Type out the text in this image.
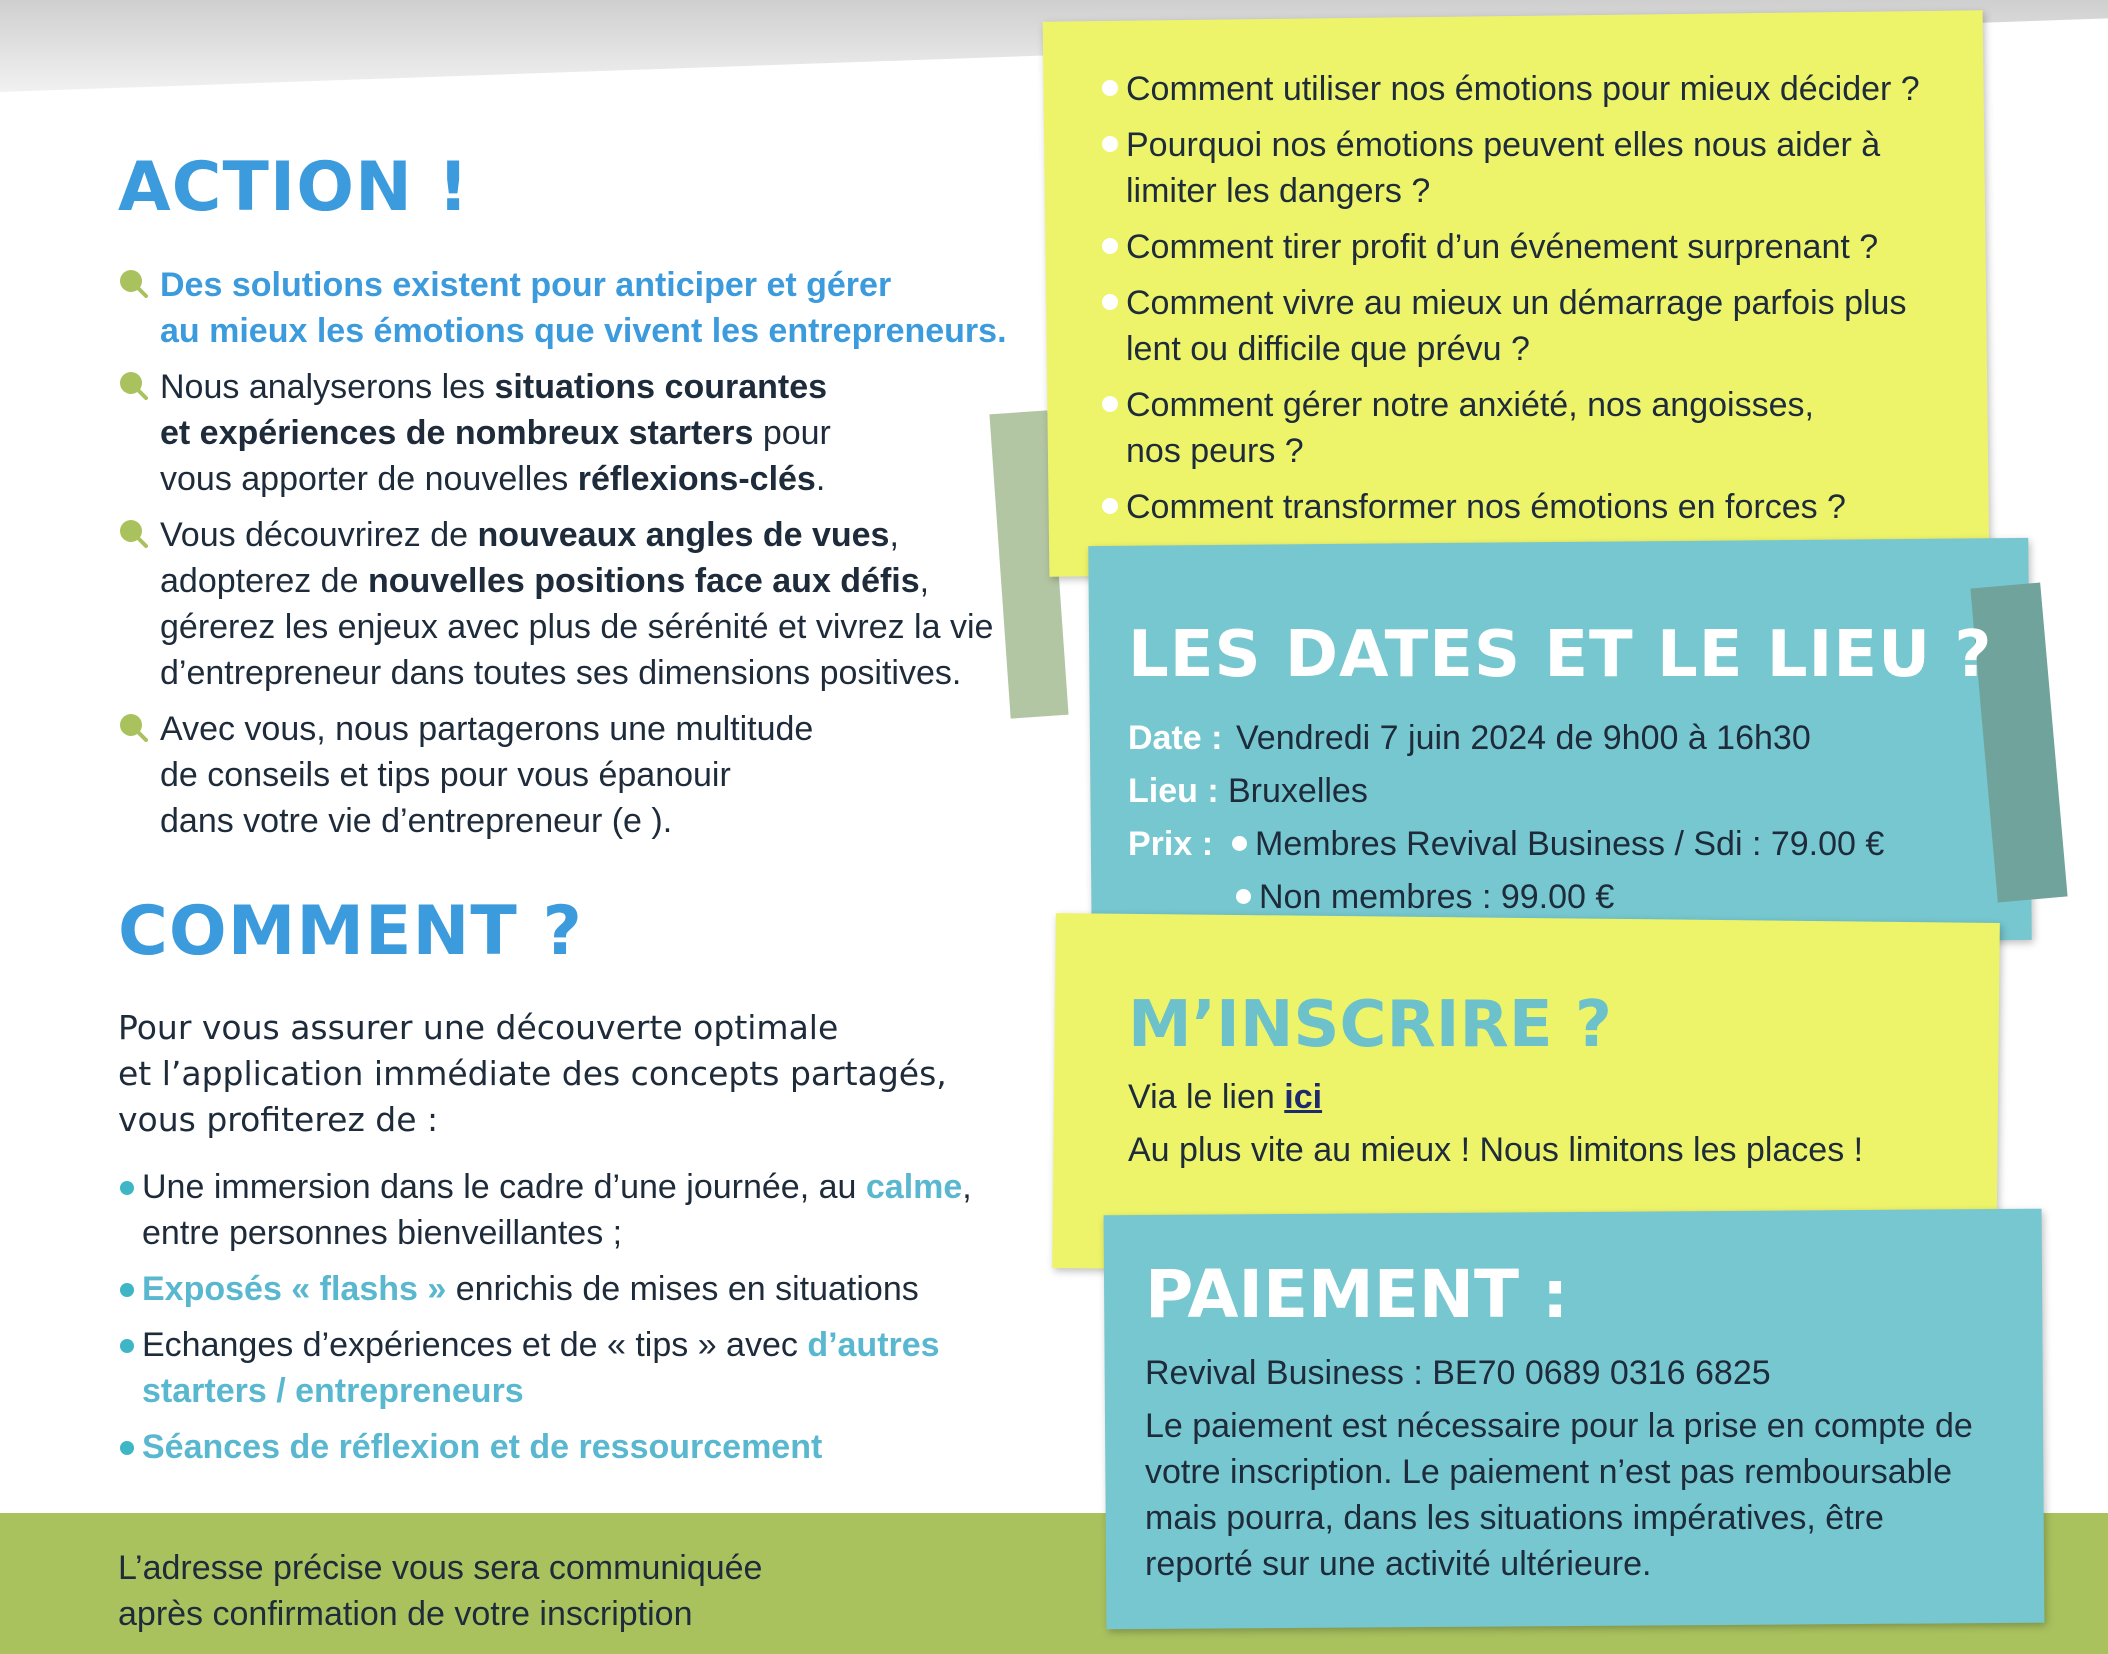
ACTION !
Des solutions existent pour anticiper et gérer
au mieux les émotions que vivent les entrepreneurs.
Nous analyserons les situations courantes
et expériences de nombreux starters pour
vous apporter de nouvelles réflexions-clés.
Vous découvrirez de nouveaux angles de vues,
adopterez de nouvelles positions face aux défis,
gérerez les enjeux avec plus de sérénité et vivrez la vie
d’entrepreneur dans toutes ses dimensions positives.
Avec vous, nous partagerons une multitude
de conseils et tips pour vous épanouir
dans votre vie d’entrepreneur (e ).
COMMENT ?
Pour vous assurer une découverte optimale
et l’application immédiate des concepts partagés,
vous profiterez de :
Une immersion dans le cadre d’une journée, au calme,
entre personnes bienveillantes ;
Exposés « flashs » enrichis de mises en situations
Echanges d’expériences et de « tips » avec d’autres
starters / entrepreneurs
Séances de réflexion et de ressourcement
L’adresse précise vous sera communiquée
après confirmation de votre inscription
Comment utiliser nos émotions pour mieux décider ?
Pourquoi nos émotions peuvent elles nous aider à
limiter les dangers ?
Comment tirer profit d’un événement surprenant ?
Comment vivre au mieux un démarrage parfois plus
lent ou difficile que prévu ?
Comment gérer notre anxiété, nos angoisses,
nos peurs ?
Comment transformer nos émotions en forces ?
LES DATES ET LE LIEU ?
Date : Vendredi 7 juin 2024 de 9h00 à 16h30
Lieu : Bruxelles
Prix : Membres Revival Business / Sdi : 79.00 €
Non membres : 99.00 €
M’INSCRIRE ?
Via le lien ici
Au plus vite au mieux ! Nous limitons les places !
PAIEMENT :
Revival Business : BE70 0689 0316 6825
Le paiement est nécessaire pour la prise en compte de
votre inscription. Le paiement n’est pas remboursable
mais pourra, dans les situations impératives, être
reporté sur une activité ultérieure.
